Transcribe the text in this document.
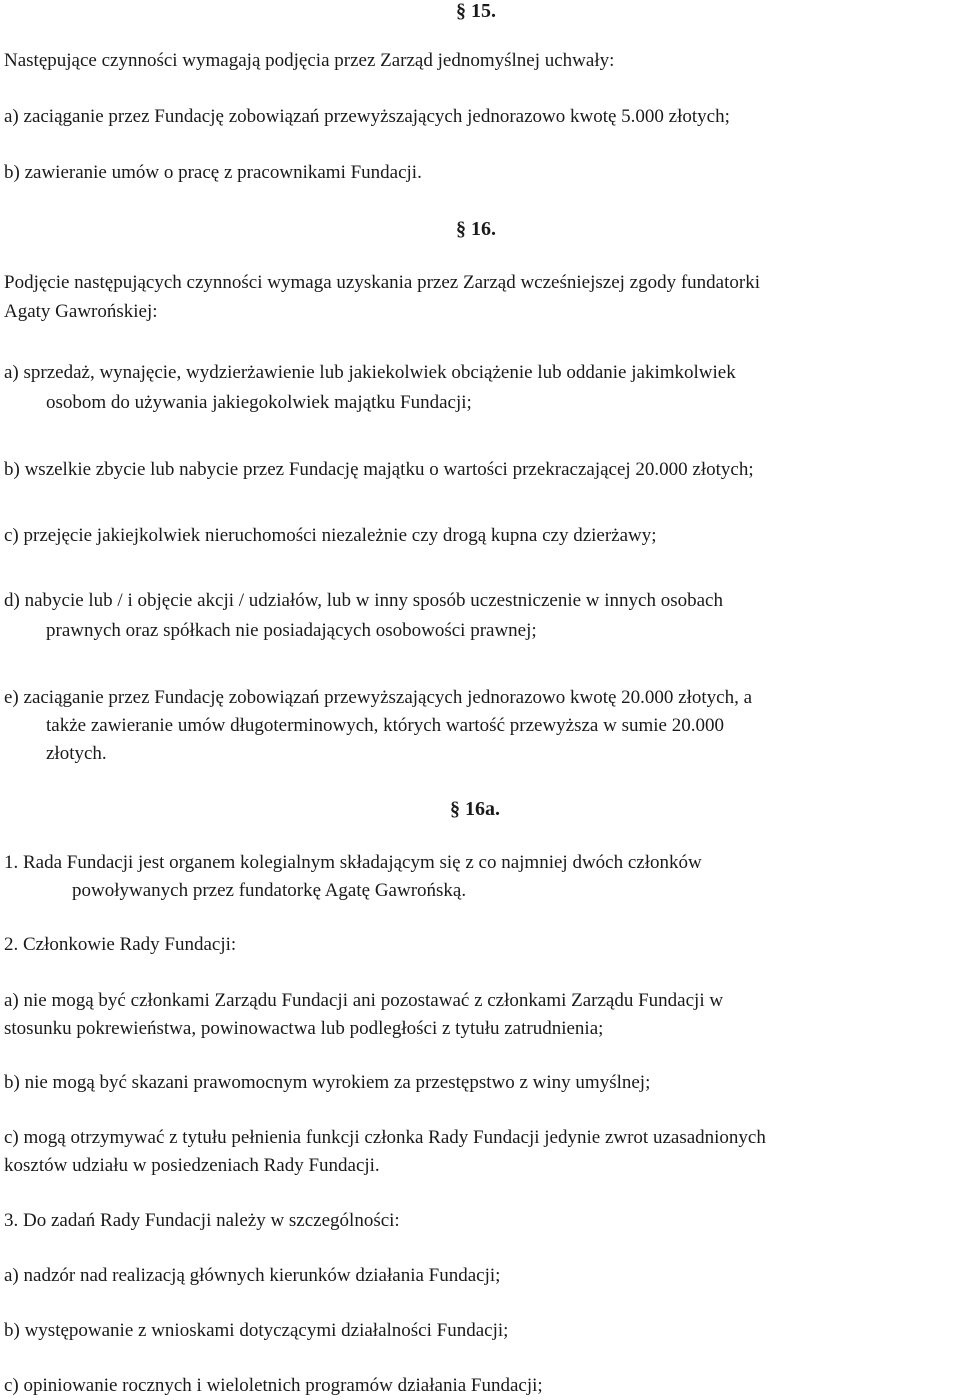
§ 15.
Następujące czynności wymagają podjęcia przez Zarząd jednomyślnej uchwały:
a) zaciąganie przez Fundację zobowiązań przewyższających jednorazowo kwotę 5.000 złotych;
b) zawieranie umów o pracę z pracownikami Fundacji.
§ 16.
Podjęcie następujących czynności wymaga uzyskania przez Zarząd wcześniejszej zgody fundatorki
Agaty Gawrońskiej:
a) sprzedaż, wynajęcie, wydzierżawienie lub jakiekolwiek obciążenie lub oddanie jakimkolwiek
osobom do używania jakiegokolwiek majątku Fundacji;
b) wszelkie zbycie lub nabycie przez Fundację majątku o wartości przekraczającej 20.000 złotych;
c) przejęcie jakiejkolwiek nieruchomości niezależnie czy drogą kupna czy dzierżawy;
d) nabycie lub / i objęcie akcji / udziałów, lub w inny sposób uczestniczenie w innych osobach
prawnych oraz spółkach nie posiadających osobowości prawnej;
e) zaciąganie przez Fundację zobowiązań przewyższających jednorazowo kwotę 20.000 złotych, a
także zawieranie umów długoterminowych, których wartość przewyższa w sumie 20.000
złotych.
§ 16a.
1. Rada Fundacji jest organem kolegialnym składającym się z co najmniej dwóch członków
powoływanych przez fundatorkę Agatę Gawrońską.
2. Członkowie Rady Fundacji:
a) nie mogą być członkami Zarządu Fundacji ani pozostawać z członkami Zarządu Fundacji w
stosunku pokrewieństwa, powinowactwa lub podległości z tytułu zatrudnienia;
b) nie mogą być skazani prawomocnym wyrokiem za przestępstwo z winy umyślnej;
c) mogą otrzymywać z tytułu pełnienia funkcji członka Rady Fundacji jedynie zwrot uzasadnionych
kosztów udziału w posiedzeniach Rady Fundacji.
3. Do zadań Rady Fundacji należy w szczególności:
a) nadzór nad realizacją głównych kierunków działania Fundacji;
b) występowanie z wnioskami dotyczącymi działalności Fundacji;
c) opiniowanie rocznych i wieloletnich programów działania Fundacji;
